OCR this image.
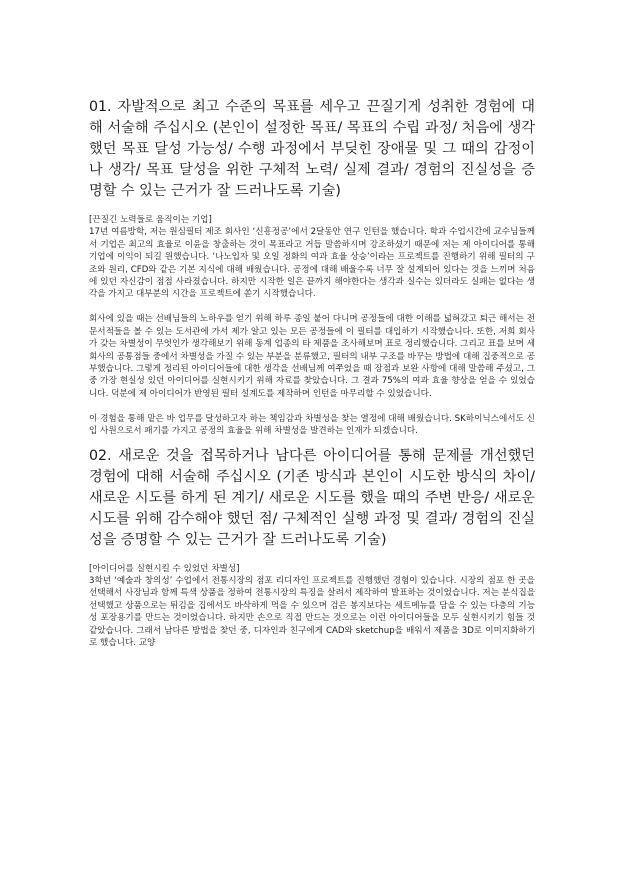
01. 자발적으로 최고 수준의 목표를 세우고 끈질기게 성취한 경험에 대해 서술해 주십시오 (본인이 설정한 목표/ 목표의 수립 과정/ 처음에 생각했던 목표 달성 가능성/ 수행 과정에서 부딪힌 장애물 및 그 때의 감정이나 생각/ 목표 달성을 위한 구체적 노력/ 실제 결과/ 경험의 진실성을 증명할 수 있는 근거가 잘 드러나도록 기술)

[끈질긴 노력들로 움직이는 기업]
17년 여름방학, 저는 원심필터 제조 회사인 ‘신흥정공’에서 2달동안 연구 인턴을 했습니다. 학과 수업시간에 교수님들께서 기업은 최고의 효율로 이윤을 창출하는 것이 목표라고 거듭 말씀하시며 강조하셨기 때문에 저는 제 아이디어를 통해 기업에 이익이 되길 원했습니다. ‘나노입자 및 오일 정화의 여과 효율 상승’이라는 프로젝트를 진행하기 위해 필터의 구조와 원리, CFD와 같은 기본 지식에 대해 배웠습니다. 공정에 대해 배울수록 너무 잘 설계되어 있다는 것을 느끼며 처음에 있던 자신감이 점점 사라졌습니다. 하지만 시작한 일은 끝까지 해야한다는 생각과 실수는 있더라도 실패는 없다는 생각을 가지고 대부분의 시간을 프로젝트에 쏟기 시작했습니다.

회사에 있을 때는 선배님들의 노하우를 얻기 위해 하루 종일 붙어 다니며 공정들에 대한 이해를 넓혀갔고 퇴근 해서는 전문서적들을 볼 수 있는 도서관에 가서 제가 알고 있는 모든 공정들에 이 필터를 대입하기 시작했습니다. 또한, 저희 회사가 갖는 차별성이 무엇인가 생각해보기 위해 동계 업종의 타 제품을 조사해보며 표로 정리했습니다. 그리고 표를 보며 세 회사의 공통점들 중에서 차별성을 가질 수 있는 부분을 분류했고, 필터의 내부 구조를 바꾸는 방법에 대해 집중적으로 공부했습니다. 그렇게 정리된 아이디어들에 대한 생각을 선배님께 여쭈었을 때 장점과 보완 사항에 대해 말씀해 주셨고, 그 중 가장 현실성 있던 아이디어를 실현시키기 위해 자료를 찾았습니다. 그 결과 75%의 여과 효율 향상을 얻을 수 있었습니다. 덕분에 제 아이디어가 반영된 필터 설계도를 제작하며 인턴을 마무리할 수 있었습니다.

이 경험을 통해 맡은 바 업무를 달성하고자 하는 책임감과 차별성을 찾는 열정에 대해 배웠습니다. SK하이닉스에서도 신입 사원으로서 패기를 가지고 공정의 효율을 위해 차별성을 발견하는 인재가 되겠습니다.

02. 새로운 것을 접목하거나 남다른 아이디어를 통해 문제를 개선했던 경험에 대해 서술해 주십시오 (기존 방식과 본인이 시도한 방식의 차이/ 새로운 시도를 하게 된 계기/ 새로운 시도를 했을 때의 주변 반응/ 새로운 시도를 위해 감수해야 했던 점/ 구체적인 실행 과정 및 결과/ 경험의 진실성을 증명할 수 있는 근거가 잘 드러나도록 기술)

[아이디어를 실현시킬 수 있었던 차별성]
3학년 ‘예술과 창의성’ 수업에서 전통시장의 점포 리디자인 프로젝트를 진행했던 경험이 있습니다. 시장의 점포 한 곳을 선택해서 사장님과 함께 특색 상품을 정하여 전통시장의 특징을 살려서 제작하여 발표하는 것이었습니다. 저는 분식집을 선택했고 상품으로는 튀김을 집에서도 바삭하게 먹을 수 있으며 검은 봉지보다는 세트메뉴를 담을 수 있는 다층의 기능성 포장용기를 만드는 것이었습니다. 하지만 손으로 직접 만드는 것으로는 이런 아이디어들을 모두 실현시키기 힘들 것 같았습니다. 그래서 남다른 방법을 찾던 중, 디자인과 친구에게 CAD와 sketchup을 배워서 제품을 3D로 이미지화하기로 했습니다. 교양
